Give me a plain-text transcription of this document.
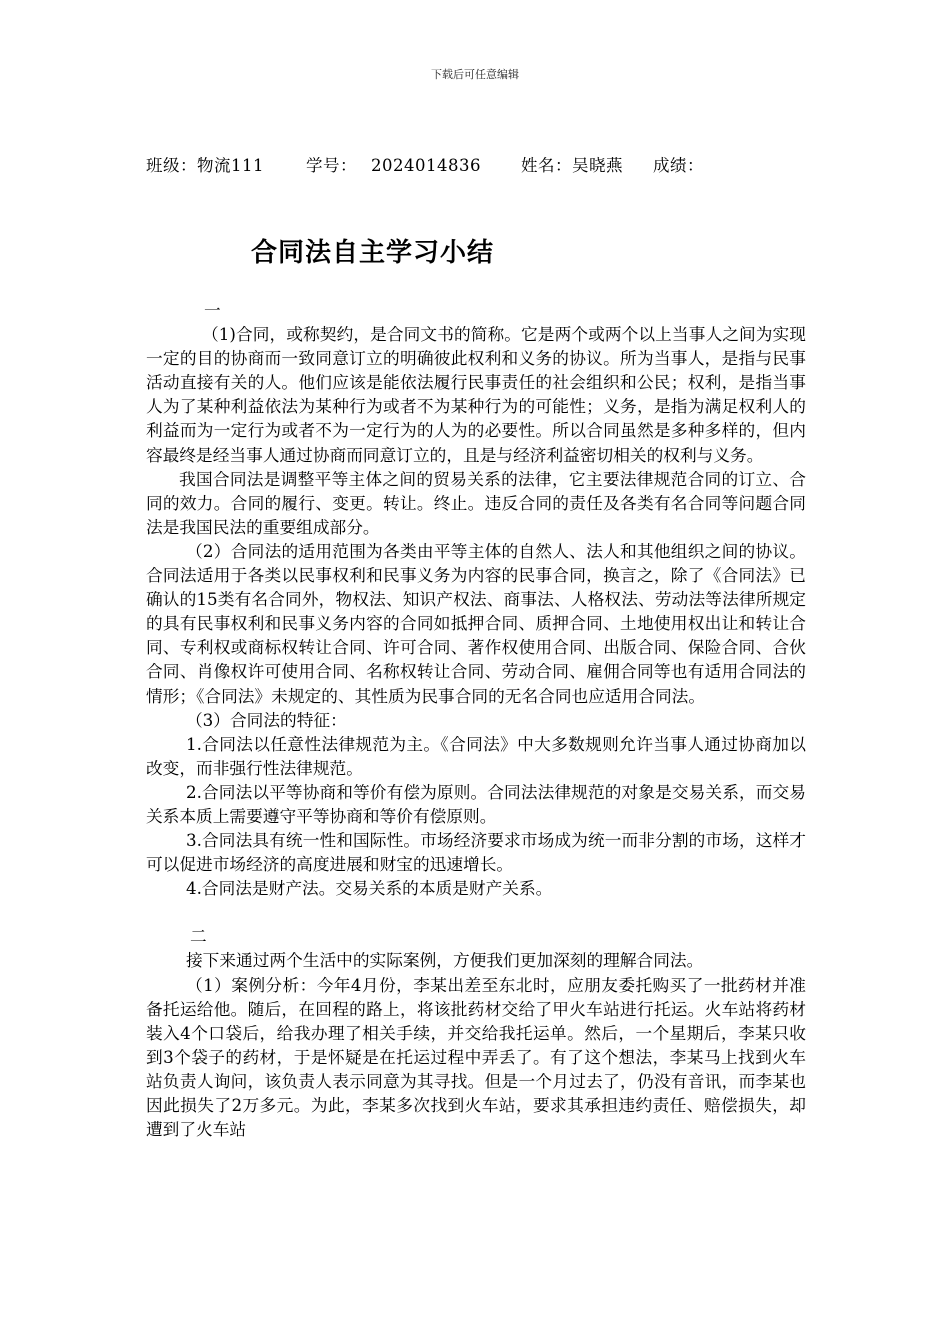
下载后可任意编辑
班级：物流111	学号： 2024014836 姓名：吴晓燕 成绩：
合同法自主学习小结

一

（1)合同，或称契约，是合同文书的简称。它是两个或两个以上当事人之间为实现一定的目的协商而一致同意订立的明确彼此权利和义务的协议。所为当事人，是指与民事活动直接有关的人。他们应该是能依法履行民事责任的社会组织和公民；权利，是指当事人为了某种利益依法为某种行为或者不为某种行为的可能性；义务，是指为满足权利人的利益而为一定行为或者不为一定行为的人为的必要性。所以合同虽然是多种多样的，但内容最终是经当事人通过协商而同意订立的，且是与经济利益密切相关的权利与义务。

我国合同法是调整平等主体之间的贸易关系的法律，它主要法律规范合同的订立、合同的效力。合同的履行、变更。转让。终止。违反合同的责任及各类有名合同等问题合同法是我国民法的重要组成部分。

（2）合同法的适用范围为各类由平等主体的自然人、法人和其他组织之间的协议。合同法适用于各类以民事权利和民事义务为内容的民事合同，换言之，除了《合同法》已确认的15类有名合同外，物权法、知识产权法、商事法、人格权法、劳动法等法律所规定的具有民事权利和民事义务内容的合同如抵押合同、质押合同、土地使用权出让和转让合同、专利权或商标权转让合同、许可合同、著作权使用合同、出版合同、保险合同、合伙合同、肖像权许可使用合同、名称权转让合同、劳动合同、雇佣合同等也有适用合同法的情形；《合同法》未规定的、其性质为民事合同的无名合同也应适用合同法。

（3）合同法的特征：

1.合同法以任意性法律规范为主。《合同法》中大多数规则允许当事人通过协商加以改变，而非强行性法律规范。

2.合同法以平等协商和等价有偿为原则。合同法法律规范的对象是交易关系，而交易关系本质上需要遵守平等协商和等价有偿原则。

3.合同法具有统一性和国际性。市场经济要求市场成为统一而非分割的市场，这样才可以促进市场经济的高度进展和财宝的迅速增长。

4.合同法是财产法。交易关系的本质是财产关系。

二

接下来通过两个生活中的实际案例，方便我们更加深刻的理解合同法。

（1）案例分析：今年4月份，李某出差至东北时，应朋友委托购买了一批药材并准备托运给他。随后，在回程的路上，将该批药材交给了甲火车站进行托运。火车站将药材装入4个口袋后，给我办理了相关手续，并交给我托运单。然后，一个星期后，李某只收到3个袋子的药材，于是怀疑是在托运过程中弄丢了。有了这个想法，李某马上找到火车站负责人询问，该负责人表示同意为其寻找。但是一个月过去了，仍没有音讯，而李某也因此损失了2万多元。为此，李某多次找到火车站，要求其承担违约责任、赔偿损失，却遭到了火车站
